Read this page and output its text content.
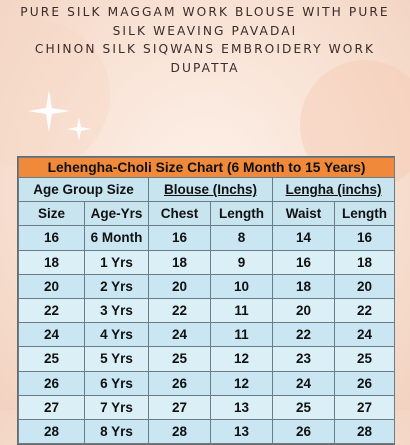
PURE SILK MAGGAM WORK BLOUSE WITH PURE
SILK WEAVING PAVADAI
CHINON SILK SIQWANS EMBROIDERY WORK
DUPATTA
Lehengha-Choli Size Chart (6 Month to 15 Years)					
Age Group Size		Blouse (Inchs)		Lengha (inchs)	
Size	Age-Yrs	Chest	Length	Waist	Length
16	6 Month	16	8	14	16
18	1 Yrs	18	9	16	18
20	2 Yrs	20	10	18	20
22	3 Yrs	22	11	20	22
24	4 Yrs	24	11	22	24
25	5 Yrs	25	12	23	25
26	6 Yrs	26	12	24	26
27	7 Yrs	27	13	25	27
28	8 Yrs	28	13	26	28
